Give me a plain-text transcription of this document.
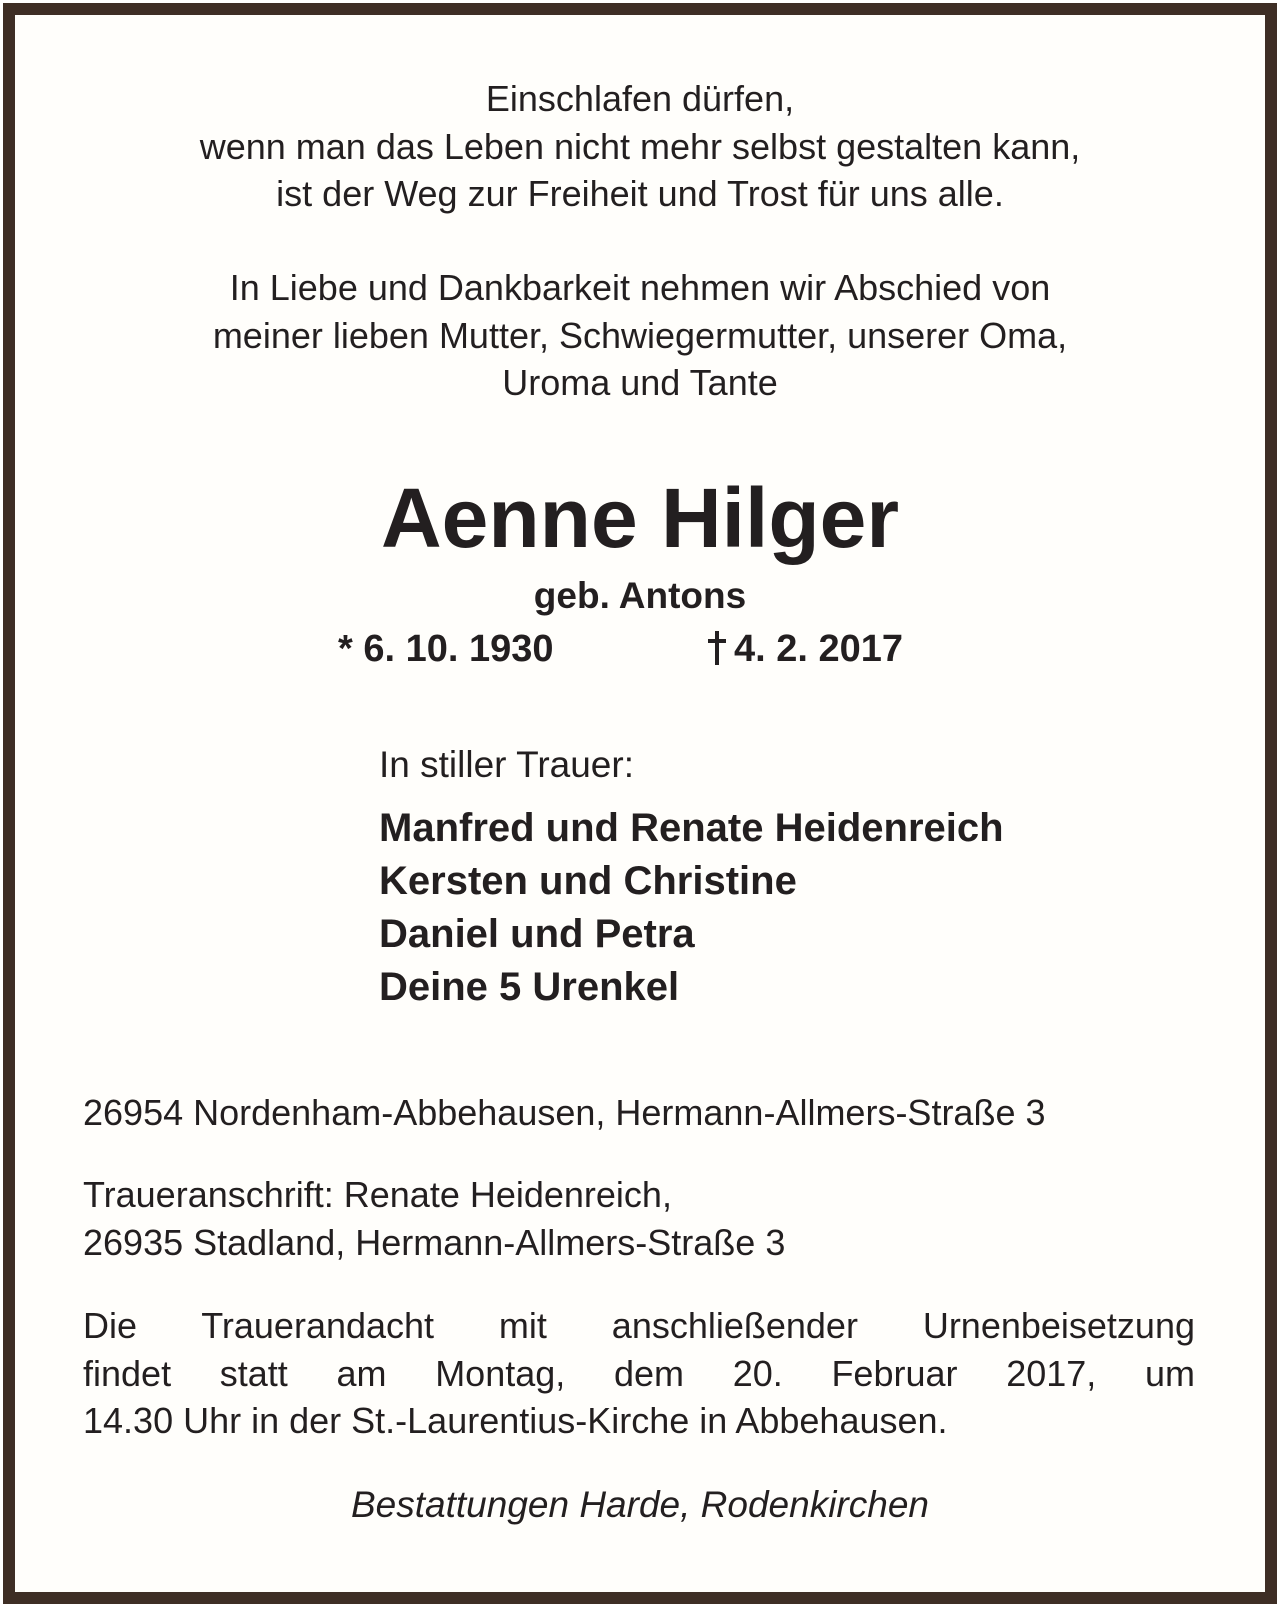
Einschlafen dürfen,
wenn man das Leben nicht mehr selbst gestalten kann,
ist der Weg zur Freiheit und Trost für uns alle.
In Liebe und Dankbarkeit nehmen wir Abschied von
meiner lieben Mutter, Schwiegermutter, unserer Oma,
Uroma und Tante
Aenne Hilger
geb. Antons
* 6. 10. 1930	4. 2. 2017
In stiller Trauer:
Manfred und Renate Heidenreich
Kersten und Christine
Daniel und Petra
Deine 5 Urenkel
26954 Nordenham-Abbehausen, Hermann-Allmers-Straße 3
Traueranschrift: Renate Heidenreich,
26935 Stadland, Hermann-Allmers-Straße 3
Die Trauerandacht mit anschließender Urnenbeisetzung
findet statt am Montag, dem 20. Februar 2017, um
14.30 Uhr in der St.-Laurentius-Kirche in Abbehausen.
Bestattungen Harde, Rodenkirchen
